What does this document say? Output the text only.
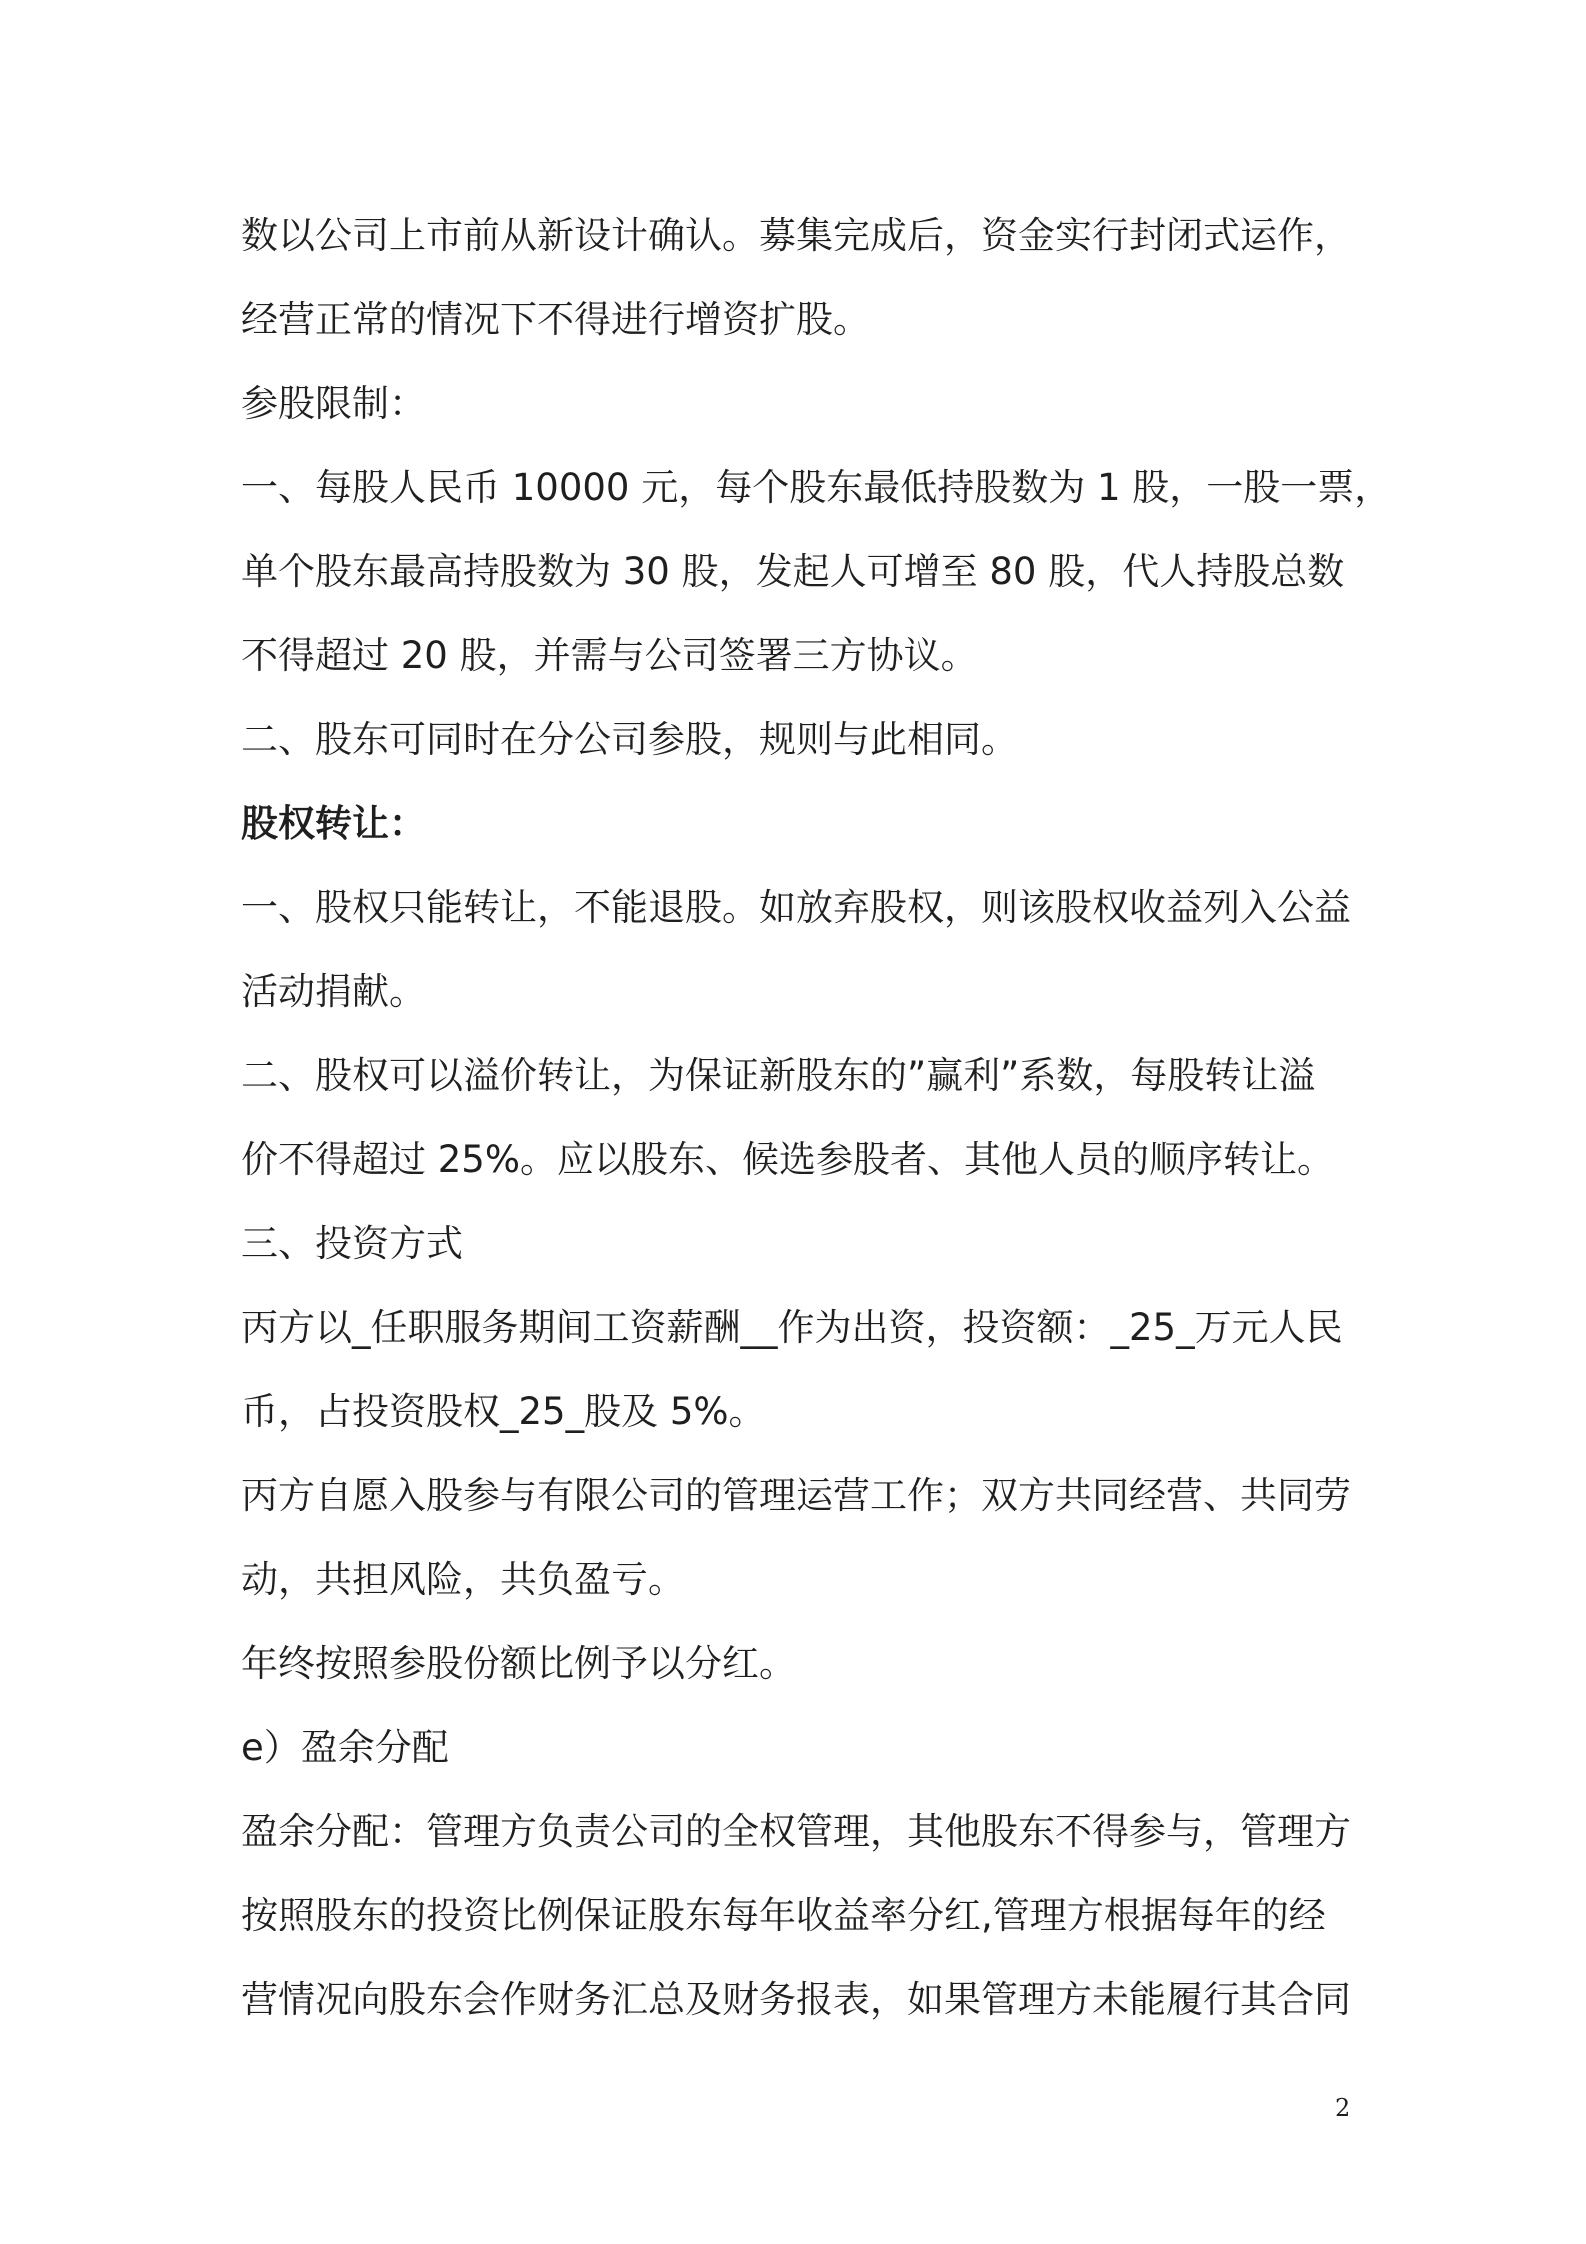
数以公司上市前从新设计确认。募集完成后，资金实行封闭式运作，
经营正常的情况下不得进行增资扩股。
参股限制：
一、每股人民币 10000 元，每个股东最低持股数为 1 股，一股一票，
单个股东最高持股数为 30 股，发起人可增至 80 股，代人持股总数
不得超过 20 股，并需与公司签署三方协议。
二、股东可同时在分公司参股，规则与此相同。
股权转让：
一、股权只能转让，不能退股。如放弃股权，则该股权收益列入公益
活动捐献。
二、股权可以溢价转让，为保证新股东的”赢利”系数，每股转让溢
价不得超过 25%。应以股东、候选参股者、其他人员的顺序转让。
三、投资方式
丙方以_任职服务期间工资薪酬__作为出资，投资额：_25_万元人民
币，占投资股权_25_股及 5%。
丙方自愿入股参与有限公司的管理运营工作；双方共同经营、共同劳
动，共担风险，共负盈亏。
年终按照参股份额比例予以分红。
e）盈余分配
盈余分配：管理方负责公司的全权管理，其他股东不得参与，管理方
按照股东的投资比例保证股东每年收益率分红,管理方根据每年的经
营情况向股东会作财务汇总及财务报表，如果管理方未能履行其合同
2
